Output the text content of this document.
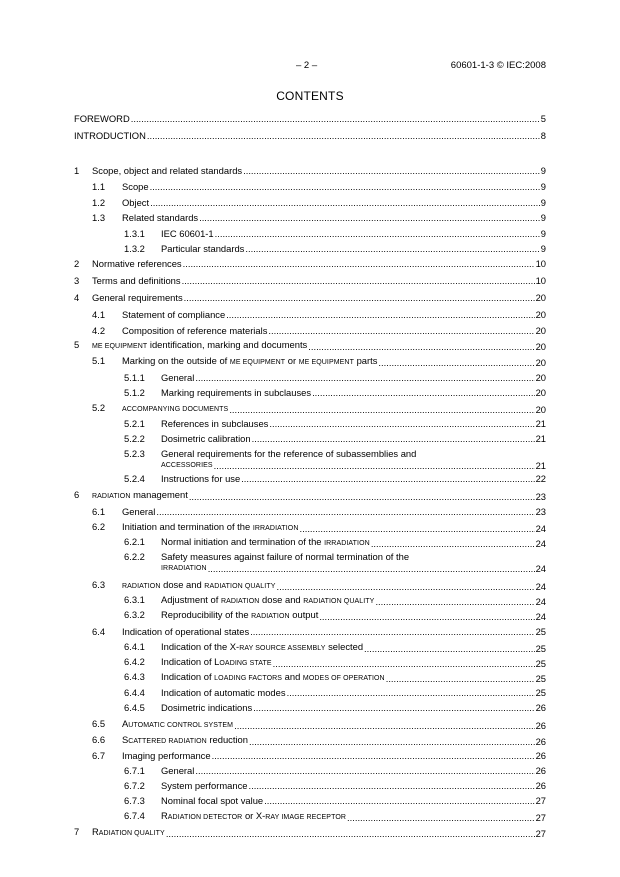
– 2 –	60601-1-3 © IEC:2008
CONTENTS
FOREWORD .....	5
INTRODUCTION .....	8
1 Scope, object and related standards .....	9
1.1 Scope .....	9
1.2 Object .....	9
1.3 Related standards .....	9
1.3.1 IEC 60601-1 .....	9
1.3.2 Particular standards .....	9
2 Normative references .....	10
3 Terms and definitions .....	10
4 General requirements .....	20
4.1 Statement of compliance .....	20
4.2 Composition of reference materials .....	20
5 ME EQUIPMENT identification, marking and documents .....	20
5.1 Marking on the outside of ME EQUIPMENT or ME EQUIPMENT parts .....	20
5.1.1 General .....	20
5.1.2 Marking requirements in subclauses .....	20
5.2 ACCOMPANYING DOCUMENTS .....	20
5.2.1 References in subclauses .....	21
5.2.2 Dosimetric calibration .....	21
5.2.3 General requirements for the reference of subassemblies and
ACCESSORIES .....	21
5.2.4 Instructions for use .....	22
6 RADIATION management .....	23
6.1 General .....	23
6.2 Initiation and termination of the IRRADIATION .....	24
6.2.1 Normal initiation and termination of the IRRADIATION .....	24
6.2.2 Safety measures against failure of normal termination of the
IRRADIATION .....	24
6.3 RADIATION dose and RADIATION QUALITY .....	24
6.3.1 Adjustment of RADIATION dose and RADIATION QUALITY .....	24
6.3.2 Reproducibility of the RADIATION output .....	24
6.4 Indication of operational states .....	25
6.4.1 Indication of the X-RAY SOURCE ASSEMBLY selected .....	25
6.4.2 Indication of LOADING STATE .....	25
6.4.3 Indication of LOADING FACTORS and MODES OF OPERATION .....	25
6.4.4 Indication of automatic modes .....	25
6.4.5 Dosimetric indications .....	26
6.5 AUTOMATIC CONTROL SYSTEM .....	26
6.6 SCATTERED RADIATION reduction .....	26
6.7 Imaging performance .....	26
6.7.1 General .....	26
6.7.2 System performance .....	26
6.7.3 Nominal focal spot value .....	27
6.7.4 RADIATION DETECTOR or X-RAY IMAGE RECEPTOR .....	27
7 RADIATION QUALITY .....	27
